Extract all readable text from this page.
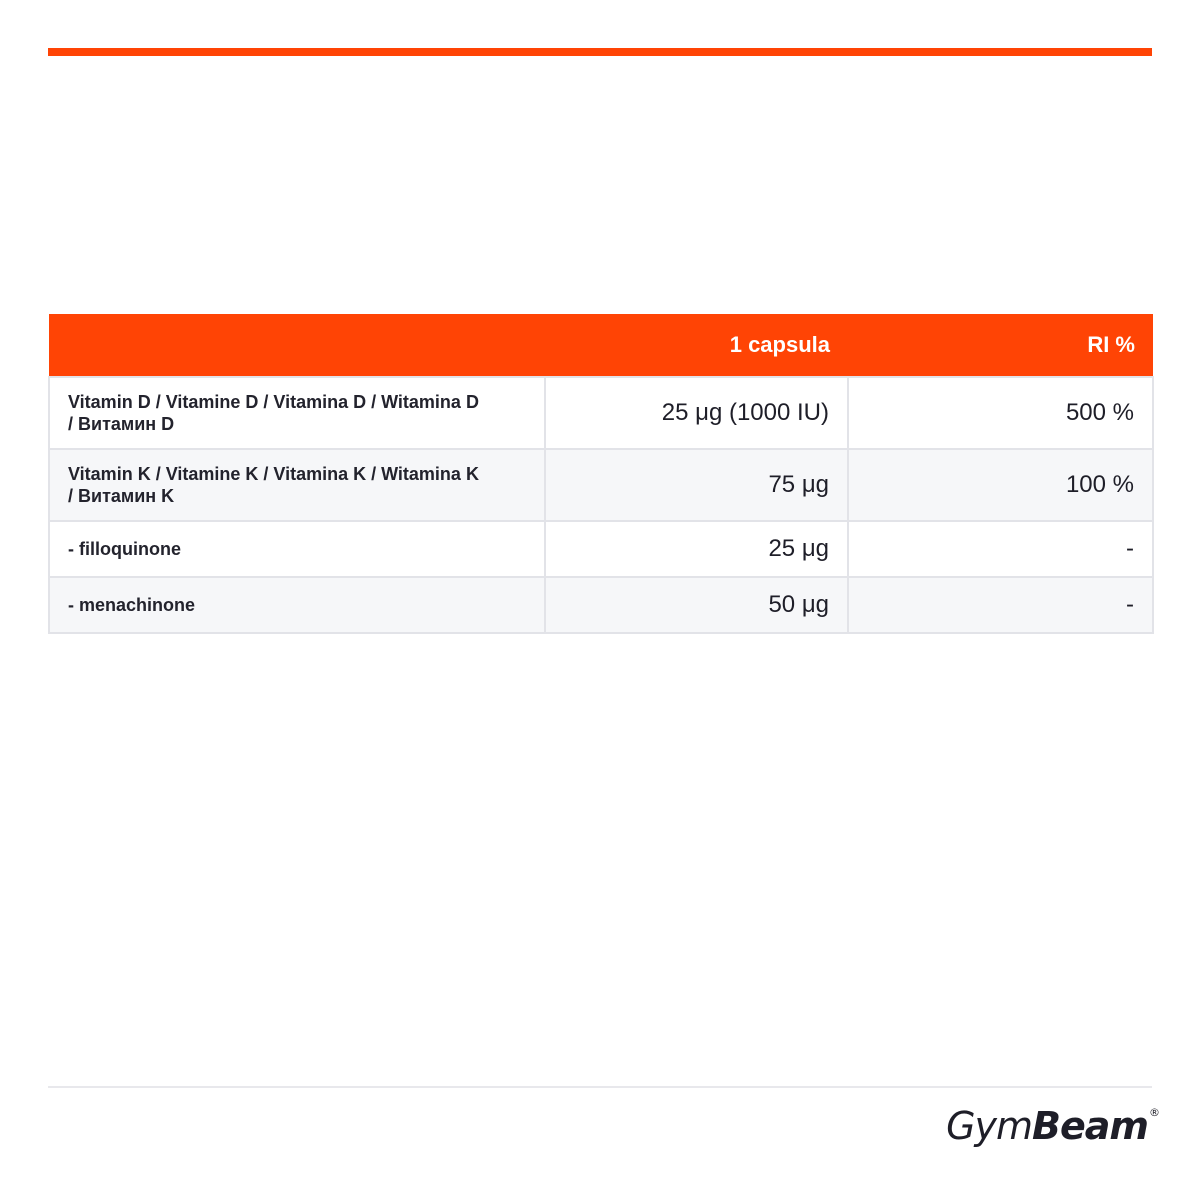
	1 capsula	RI %
Vitamin D / Vitamine D / Vitamina D / Witamina D
/ Витамин D	25 μg (1000 IU)	500 %
Vitamin K / Vitamine K / Vitamina K / Witamina K
/ Витамин K	75 μg	100 %
- filloquinone	25 μg	-
- menachinone	50 μg	-
GymBeam ®
